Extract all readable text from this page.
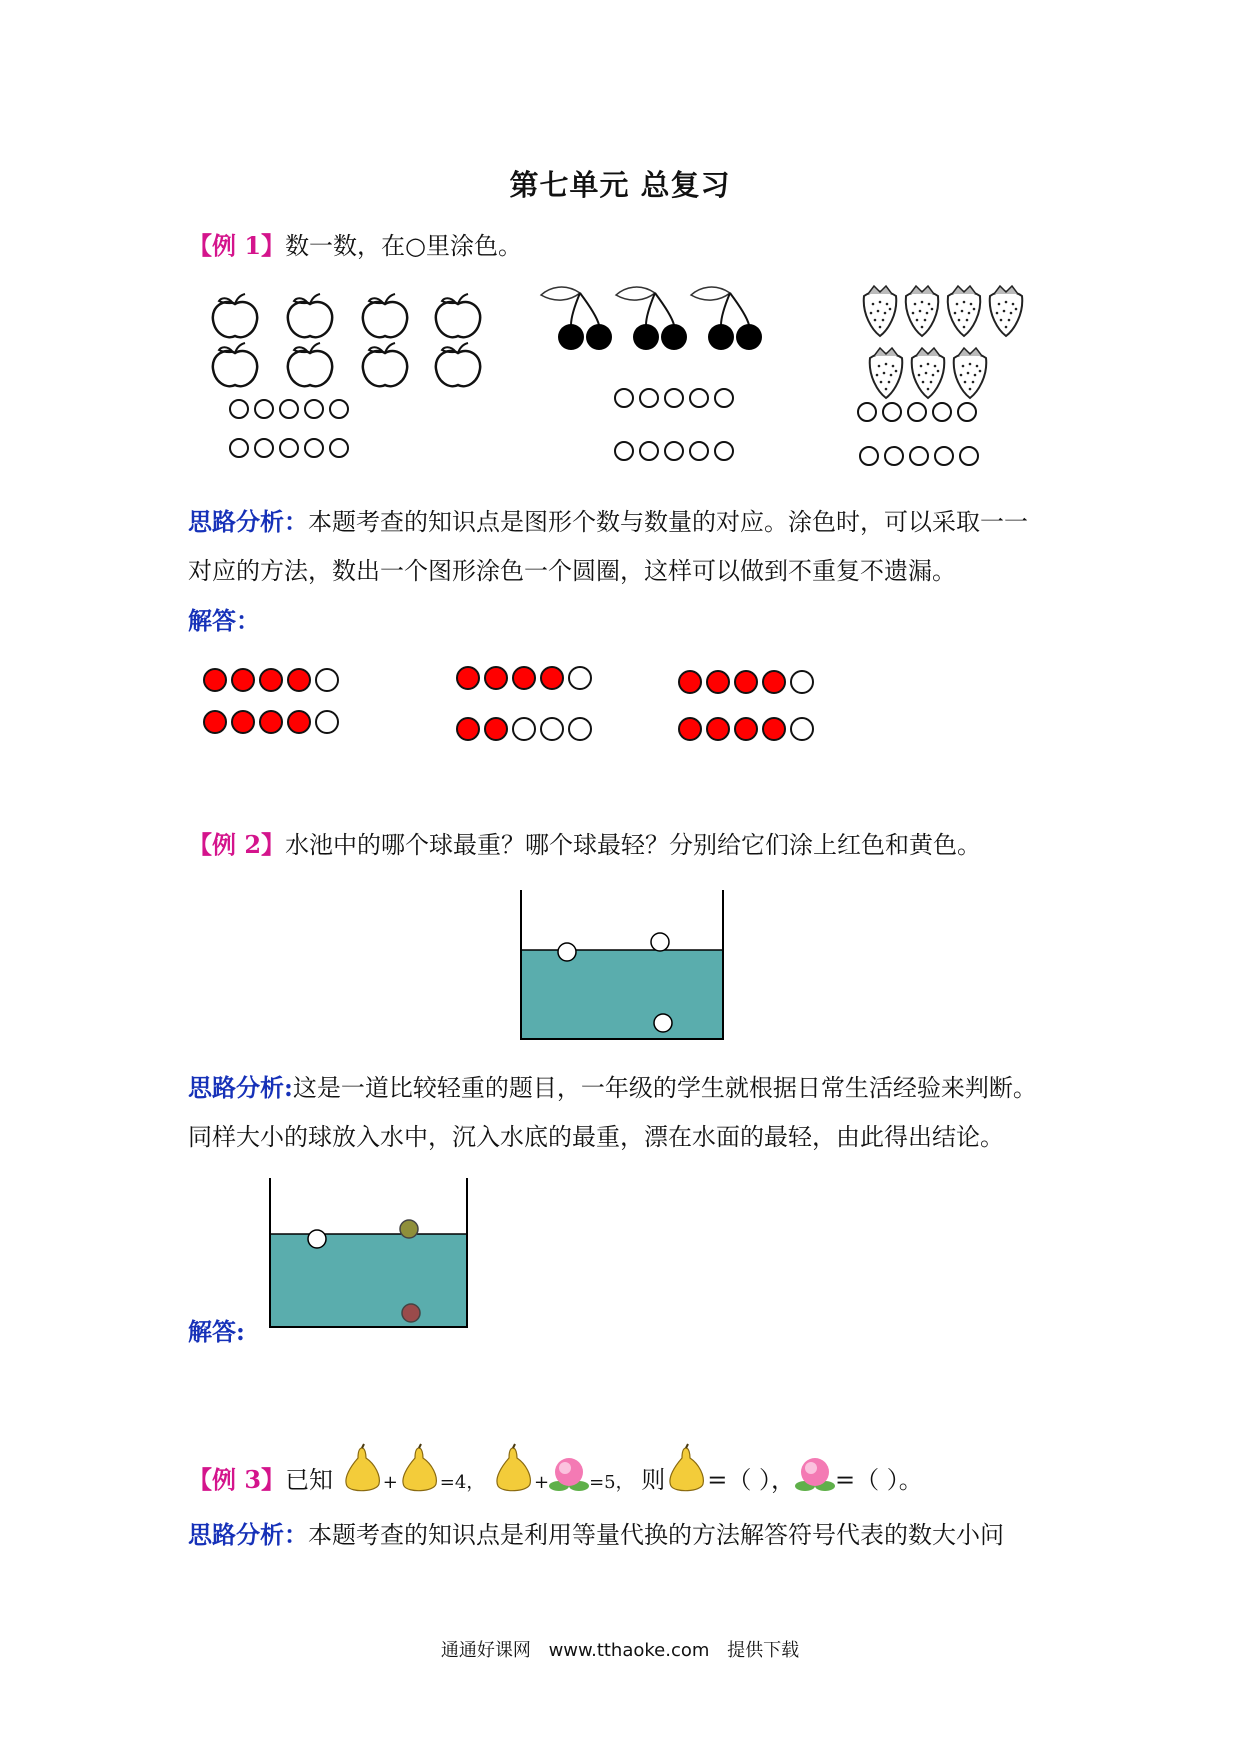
第七单元 总复习
【例 1】数一数，在○里涂色。
思路分析：本题考查的知识点是图形个数与数量的对应。涂色时，可以采取一一
对应的方法，数出一个图形涂色一个圆圈，这样可以做到不重复不遗漏。
解答：
【例 2】水池中的哪个球最重？哪个球最轻？分别给它们涂上红色和黄色。
思路分析:这是一道比较轻重的题目，一年级的学生就根据日常生活经验来判断。
同样大小的球放入水中，沉入水底的最重，漂在水面的最轻，由此得出结论。
解答:
【例 3】已知	+ =4，	+ =5， 则 =（ ）， =（ ）。
思路分析：本题考查的知识点是利用等量代换的方法解答符号代表的数大小问
通通好课网 www.tthaoke.com 提供下载
